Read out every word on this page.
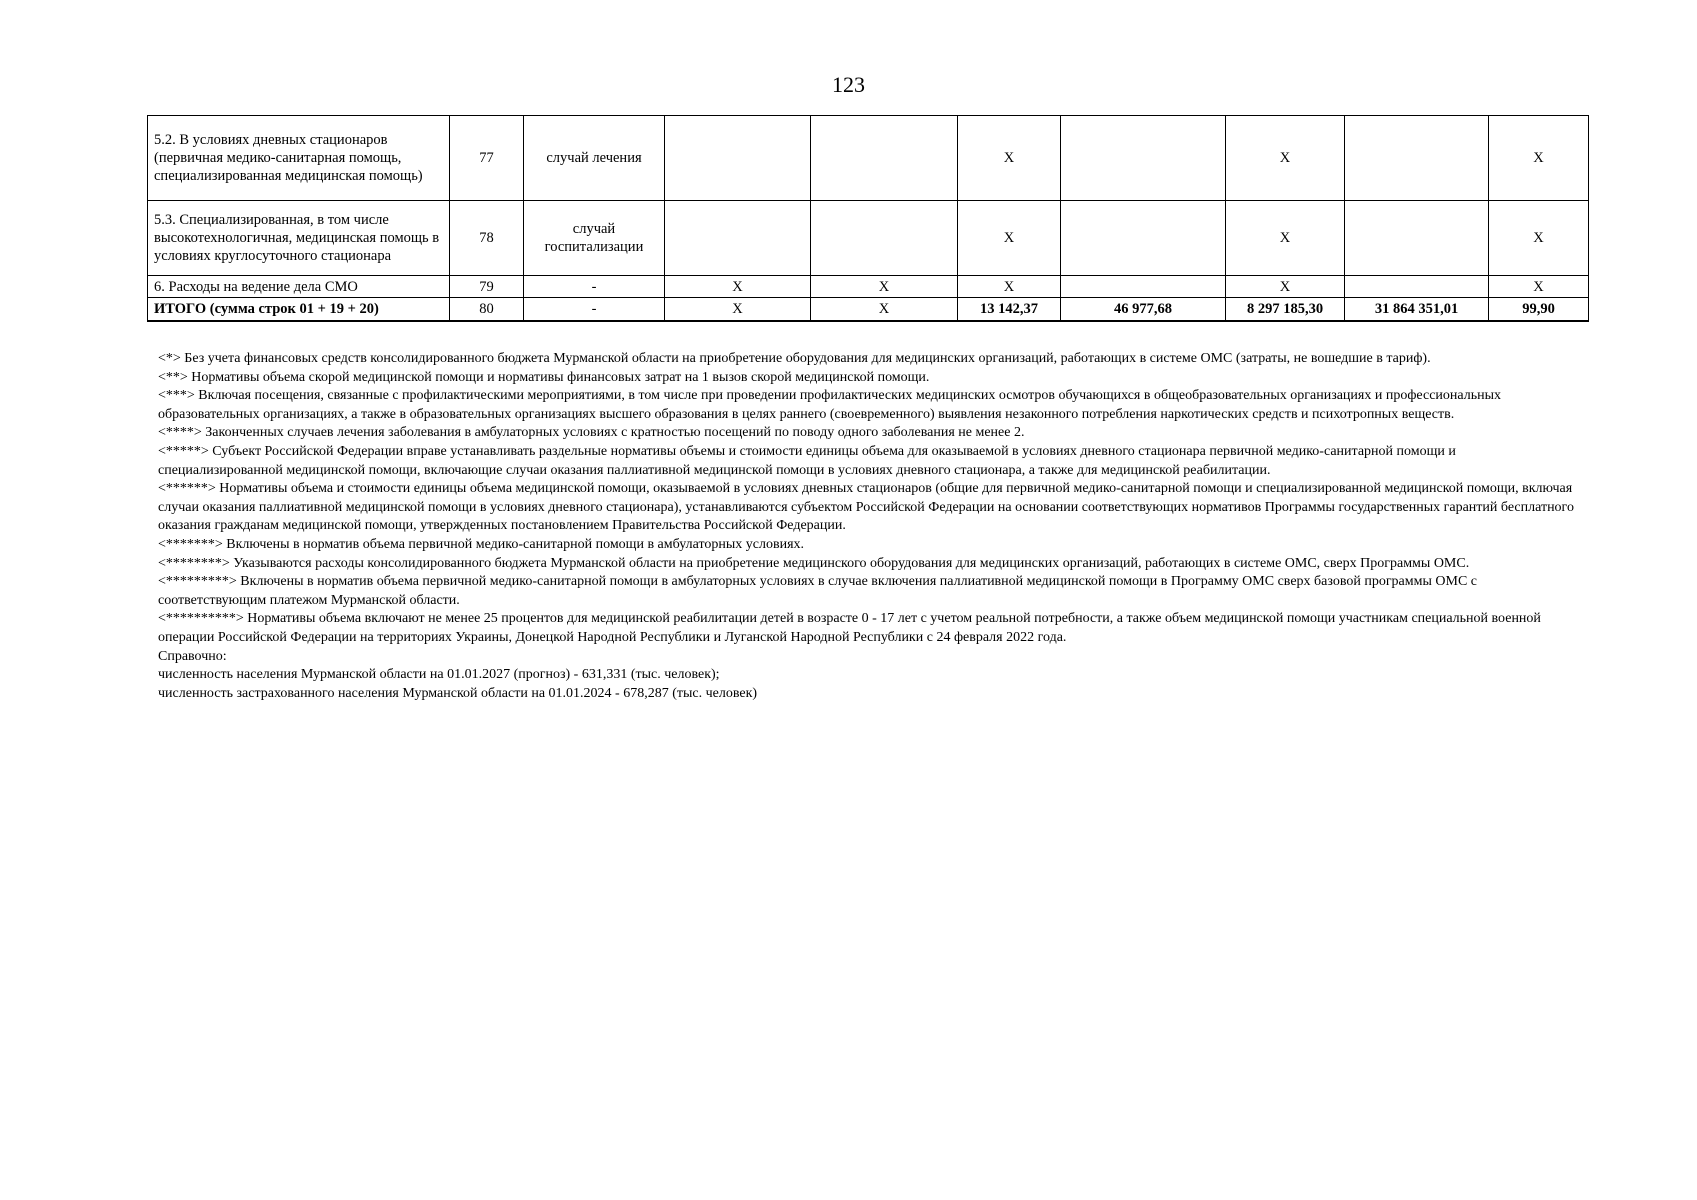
123
5.2. В условиях дневных стационаров (первичная медико-санитарная помощь, специализированная медицинская помощь)	77	случай лечения			X		X		X
5.3. Специализированная, в том числе высокотехнологичная, медицинская помощь в условиях круглосуточного стационара	78	случай госпитализации			X		X		X
6. Расходы на ведение дела СМО	79	-	X	X	X		X		X
ИТОГО (сумма строк 01 + 19 + 20)	80	-	X	X	13 142,37	46 977,68	8 297 185,30	31 864 351,01	99,90

<*> Без учета финансовых средств консолидированного бюджета Мурманской области на приобретение оборудования для медицинских организаций, работающих в системе ОМС (затраты, не вошедшие в тариф).

<**> Нормативы объема скорой медицинской помощи и нормативы финансовых затрат на 1 вызов скорой медицинской помощи.

<***> Включая посещения, связанные с профилактическими мероприятиями, в том числе при проведении профилактических медицинских осмотров обучающихся в общеобразовательных организациях и профессиональных образовательных организациях, а также в образовательных организациях высшего образования в целях раннего (своевременного) выявления незаконного потребления наркотических средств и психотропных веществ.

<****> Законченных случаев лечения заболевания в амбулаторных условиях с кратностью посещений по поводу одного заболевания не менее 2.

<*****> Субъект Российской Федерации вправе устанавливать раздельные нормативы объемы и стоимости единицы объема для оказываемой в условиях дневного стационара первичной медико-санитарной помощи и специализированной медицинской помощи, включающие случаи оказания паллиативной медицинской помощи в условиях дневного стационара, а также для медицинской реабилитации.

<******> Нормативы объема и стоимости единицы объема медицинской помощи, оказываемой в условиях дневных стационаров (общие для первичной медико-санитарной помощи и специализированной медицинской помощи, включая случаи оказания паллиативной медицинской помощи в условиях дневного стационара), устанавливаются субъектом Российской Федерации на основании соответствующих нормативов Программы государственных гарантий бесплатного оказания гражданам медицинской помощи, утвержденных постановлением Правительства Российской Федерации.

<*******> Включены в норматив объема первичной медико-санитарной помощи в амбулаторных условиях.

<********> Указываются расходы консолидированного бюджета Мурманской области на приобретение медицинского оборудования для медицинских организаций, работающих в системе ОМС, сверх Программы ОМС.

<*********> Включены в норматив объема первичной медико-санитарной помощи в амбулаторных условиях в случае включения паллиативной медицинской помощи в Программу ОМС сверх базовой программы ОМС с соответствующим платежом Мурманской области.

<**********> Нормативы объема включают не менее 25 процентов для медицинской реабилитации детей в возрасте 0 - 17 лет с учетом реальной потребности, а также объем медицинской помощи участникам специальной военной операции Российской Федерации на территориях Украины, Донецкой Народной Республики и Луганской Народной Республики с 24 февраля 2022 года.

Справочно:

численность населения Мурманской области на 01.01.2027 (прогноз) - 631,331 (тыс. человек);

численность застрахованного населения Мурманской области на 01.01.2024 - 678,287 (тыс. человек)
